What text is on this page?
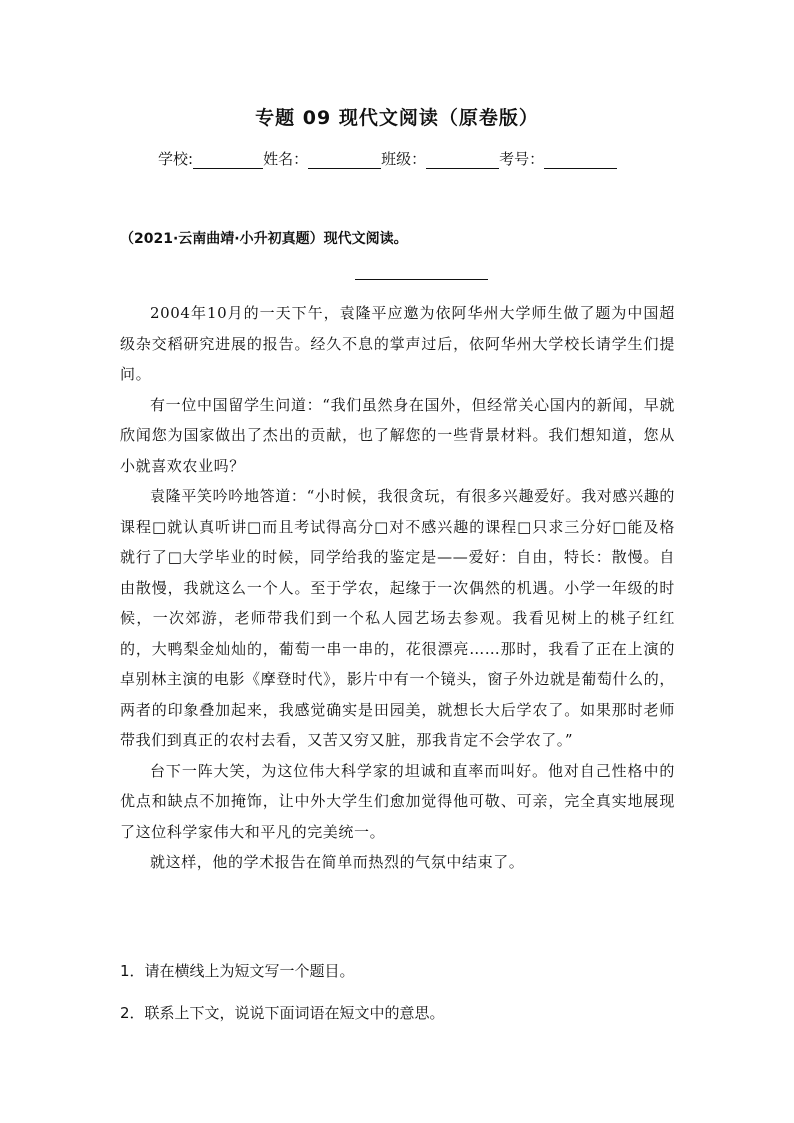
专题 09 现代文阅读（原卷版）
学校:	姓名：	班级：	考号：
（2021·云南曲靖·小升初真题）现代文阅读。

2004年10月的一天下午，袁隆平应邀为依阿华州大学师生做了题为中国超级杂交稻研究进展的报告。经久不息的掌声过后，依阿华州大学校长请学生们提问。

有一位中国留学生问道：“我们虽然身在国外，但经常关心国内的新闻，早就欣闻您为国家做出了杰出的贡献，也了解您的一些背景材料。我们想知道，您从小就喜欢农业吗？

袁隆平笑吟吟地答道：“小时候，我很贪玩，有很多兴趣爱好。我对感兴趣的课程□就认真听讲□而且考试得高分□对不感兴趣的课程□只求三分好□能及格就行了□大学毕业的时候，同学给我的鉴定是——爱好：自由，特长：散慢。自由散慢，我就这么一个人。至于学农，起缘于一次偶然的机遇。小学一年级的时候，一次郊游，老师带我们到一个私人园艺场去参观。我看见树上的桃子红红的，大鸭梨金灿灿的，葡萄一串一串的，花很漂亮……那时，我看了正在上演的卓别林主演的电影《摩登时代》，影片中有一个镜头，窗子外边就是葡萄什么的，两者的印象叠加起来，我感觉确实是田园美，就想长大后学农了。如果那时老师带我们到真正的农村去看，又苦又穷又脏，那我肯定不会学农了。”

台下一阵大笑，为这位伟大科学家的坦诚和直率而叫好。他对自己性格中的优点和缺点不加掩饰，让中外大学生们愈加觉得他可敬、可亲，完全真实地展现了这位科学家伟大和平凡的完美统一。

就这样，他的学术报告在简单而热烈的气氛中结束了。

1．请在横线上为短文写一个题目。
2．联系上下文，说说下面词语在短文中的意思。
